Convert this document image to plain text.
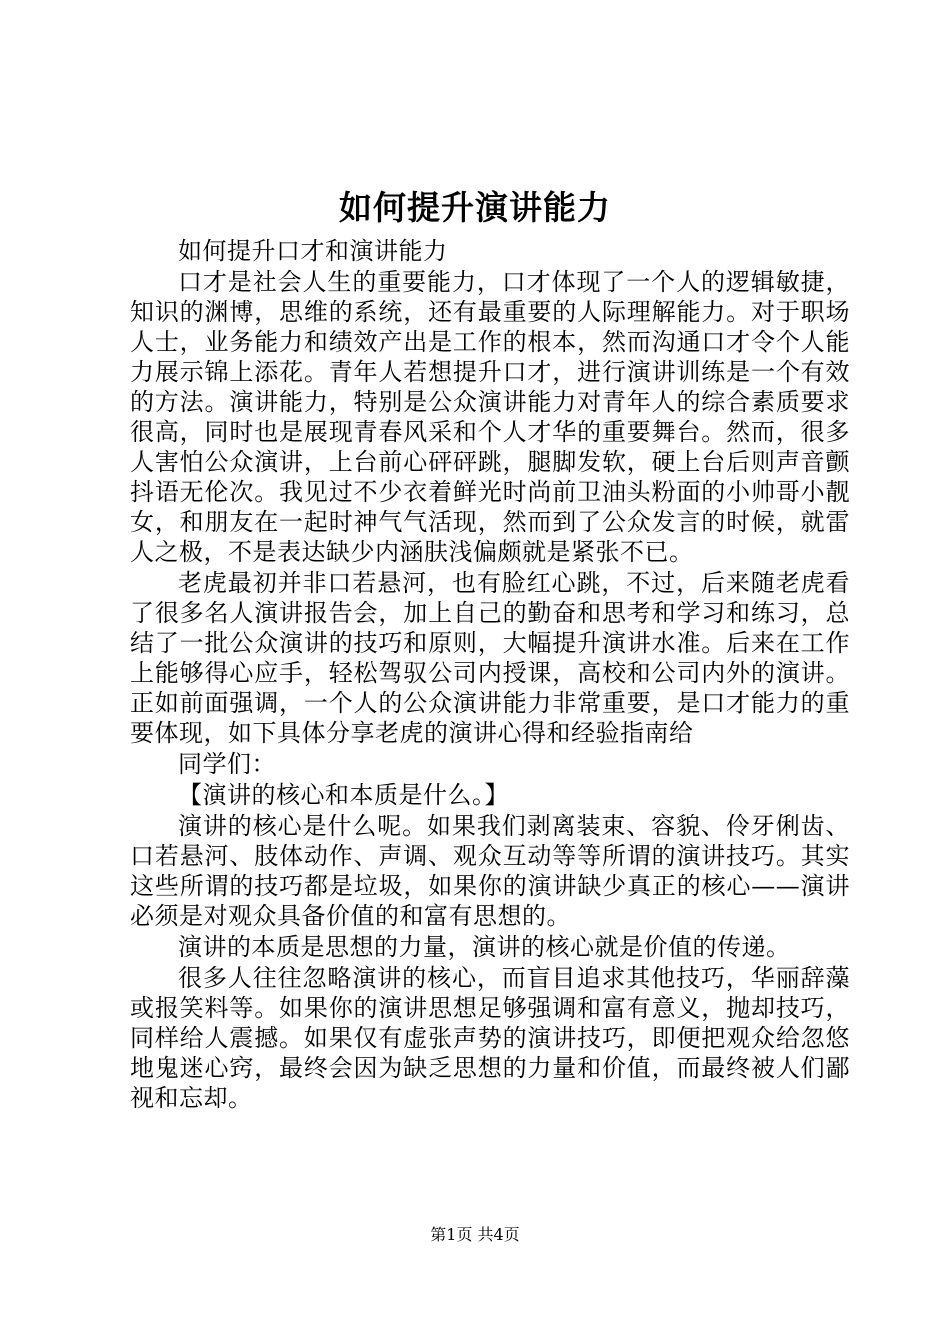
如何提升演讲能力

如何提升口才和演讲能力

口才是社会人生的重要能力，口才体现了一个人的逻辑敏捷，知识的渊博，思维的系统，还有最重要的人际理解能力。对于职场人士，业务能力和绩效产出是工作的根本，然而沟通口才令个人能力展示锦上添花。青年人若想提升口才，进行演讲训练是一个有效的方法。演讲能力，特别是公众演讲能力对青年人的综合素质要求很高，同时也是展现青春风采和个人才华的重要舞台。然而，很多人害怕公众演讲，上台前心砰砰跳，腿脚发软，硬上台后则声音颤抖语无伦次。我见过不少衣着鲜光时尚前卫油头粉面的小帅哥小靓女，和朋友在一起时神气气活现，然而到了公众发言的时候，就雷人之极，不是表达缺少内涵肤浅偏颇就是紧张不已。

老虎最初并非口若悬河，也有脸红心跳，不过，后来随老虎看了很多名人演讲报告会，加上自己的勤奋和思考和学习和练习，总结了一批公众演讲的技巧和原则，大幅提升演讲水准。后来在工作上能够得心应手，轻松驾驭公司内授课，高校和公司内外的演讲。正如前面强调，一个人的公众演讲能力非常重要，是口才能力的重要体现，如下具体分享老虎的演讲心得和经验指南给

同学们：

【演讲的核心和本质是什么。】

演讲的核心是什么呢。如果我们剥离装束、容貌、伶牙俐齿、口若悬河、肢体动作、声调、观众互动等等所谓的演讲技巧。其实这些所谓的技巧都是垃圾，如果你的演讲缺少真正的核心——演讲必须是对观众具备价值的和富有思想的。

演讲的本质是思想的力量，演讲的核心就是价值的传递。

很多人往往忽略演讲的核心，而盲目追求其他技巧，华丽辞藻或报笑料等。如果你的演讲思想足够强调和富有意义，抛却技巧，同样给人震撼。如果仅有虚张声势的演讲技巧，即便把观众给忽悠地鬼迷心窍，最终会因为缺乏思想的力量和价值，而最终被人们鄙视和忘却。

第1页 共4页
